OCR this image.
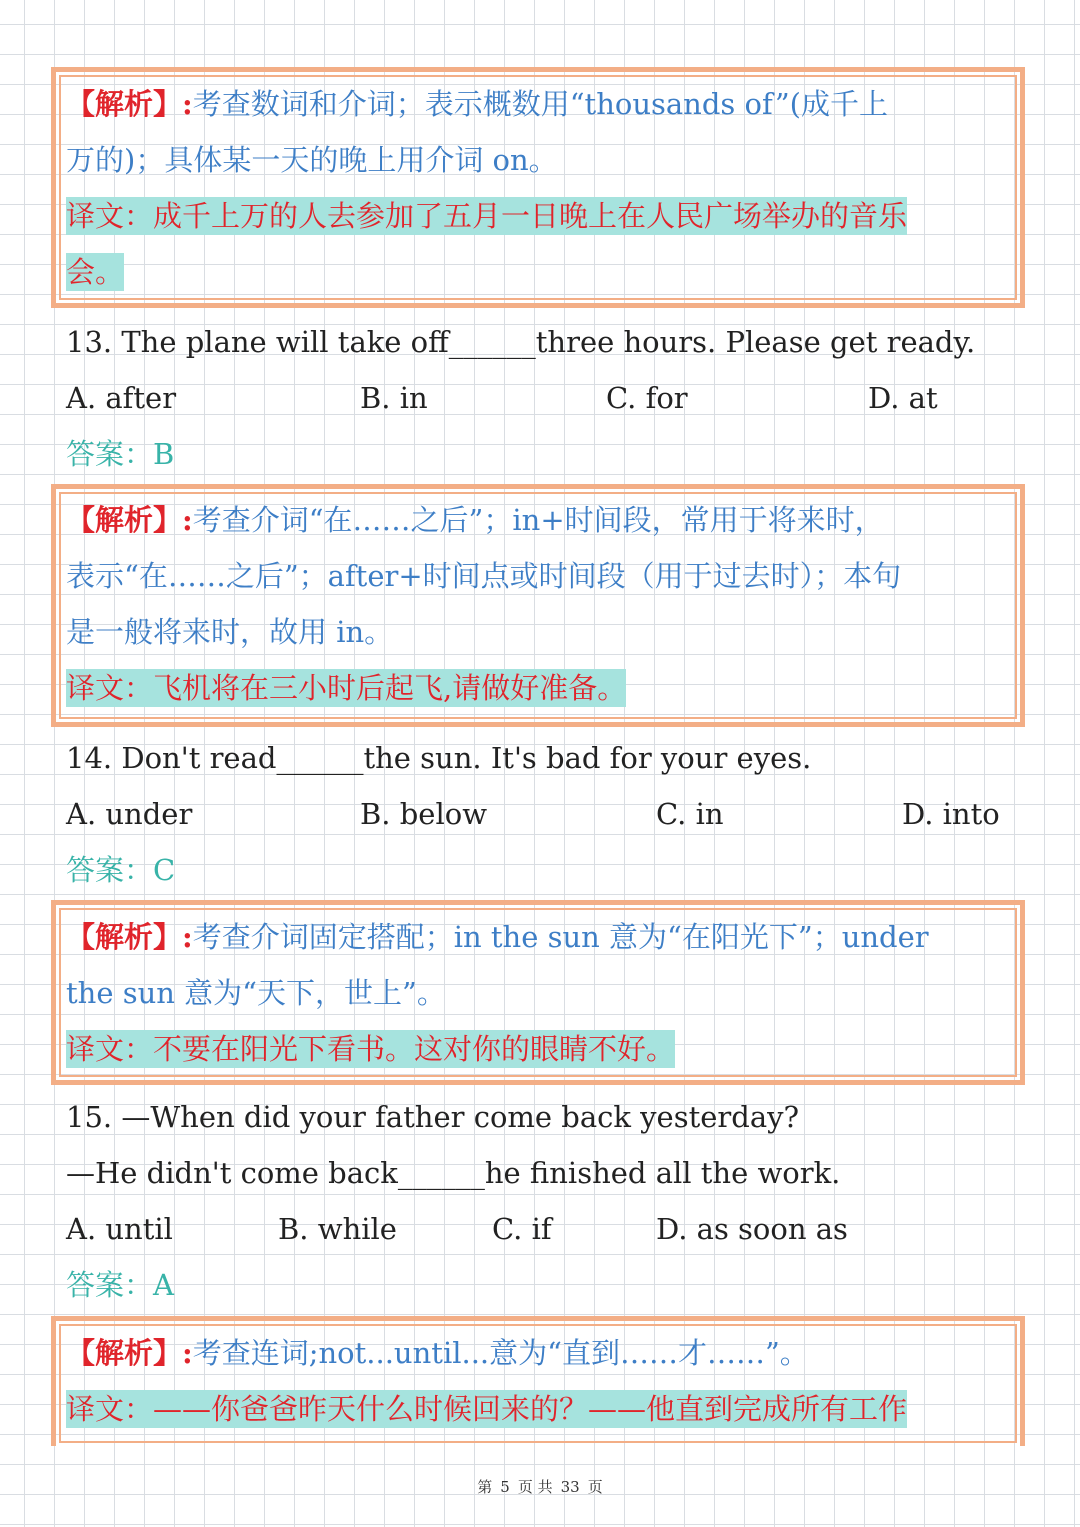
【解析】:考查数词和介词；表示概数用“thousands of”(成千上
万的)；具体某一天的晚上用介词 on。
译文：成千上万的人去参加了五月一日晚上在人民广场举办的音乐
会。
13. The plane will take off______three hours. Please get ready.
A. after	B. in	C. for	D. at
答案：B
【解析】:考查介词“在……之后”；in+时间段，常用于将来时，
表示“在……之后”；after+时间点或时间段（用于过去时）；本句
是一般将来时，故用 in。
译文：飞机将在三小时后起飞,请做好准备。
14. Don't read______the sun. It's bad for your eyes.
A. under	B. below	C. in	D. into
答案：C
【解析】:考查介词固定搭配；in the sun 意为“在阳光下”；under
the sun 意为“天下，世上”。
译文：不要在阳光下看书。这对你的眼睛不好。
15. —When did your father come back yesterday?
—He didn't come back______he finished all the work.
A. until	B. while	C. if	D. as soon as
答案：A
【解析】:考查连词;not...until...意为“直到……才……”。
译文：——你爸爸昨天什么时候回来的？——他直到完成所有工作
第 5 页 共 33 页
